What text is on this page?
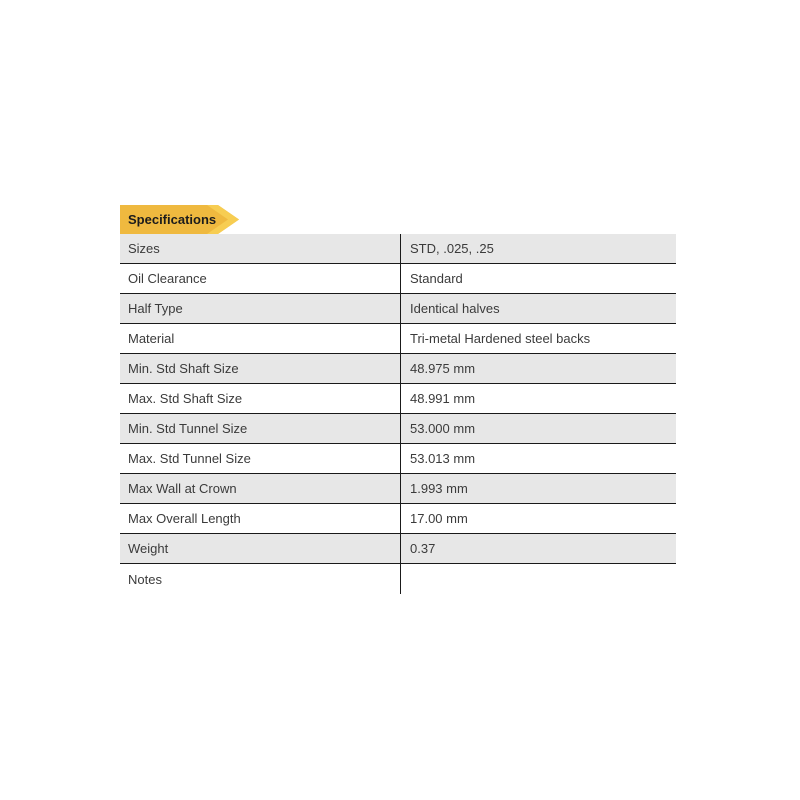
Specifications
Sizes	STD, .025, .25
Oil Clearance	Standard
Half Type	Identical halves
Material	Tri-metal Hardened steel backs
Min. Std Shaft Size	48.975 mm
Max. Std Shaft Size	48.991 mm
Min. Std Tunnel Size	53.000 mm
Max. Std Tunnel Size	53.013 mm
Max Wall at Crown	1.993 mm
Max Overall Length	17.00 mm
Weight	0.37
Notes
